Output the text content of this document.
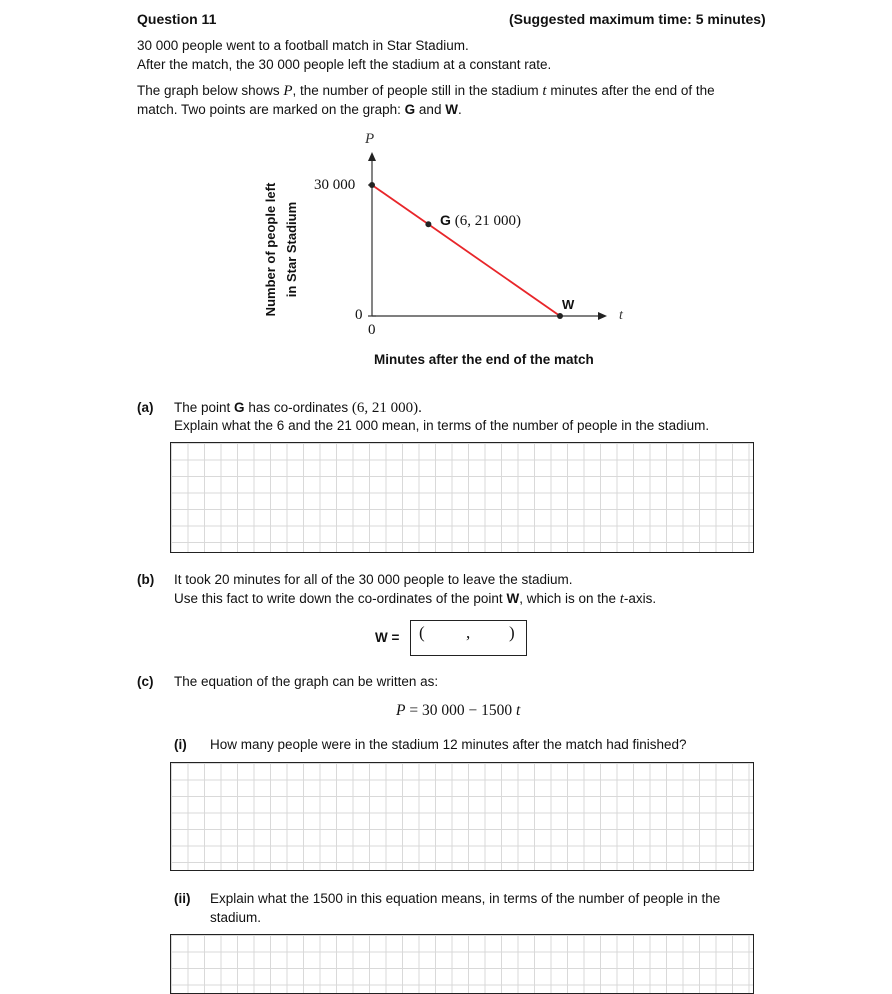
Question 11	(Suggested maximum time: 5 minutes)
30 000 people went to a football match in Star Stadium.
After the match, the 30 000 people left the stadium at a constant rate.
The graph below shows P, the number of people still in the stadium t minutes after the end of the
match. Two points are marked on the graph: G and W.
P
t
30 000
0
0
G (6, 21 000)
W
Minutes after the end of the match
Number of people left in Star Stadium
(a) The point G has co-ordinates (6, 21 000).
Explain what the 6 and the 21 000 mean, in terms of the number of people in the stadium.
(b) It took 20 minutes for all of the 30 000 people to leave the stadium.
Use this fact to write down the co-ordinates of the point W, which is on the t-axis.
W = ( , )
(c) The equation of the graph can be written as:
P = 30 000 − 1500 t
(i) How many people were in the stadium 12 minutes after the match had finished?
(ii) Explain what the 1500 in this equation means, in terms of the number of people in the
stadium.
